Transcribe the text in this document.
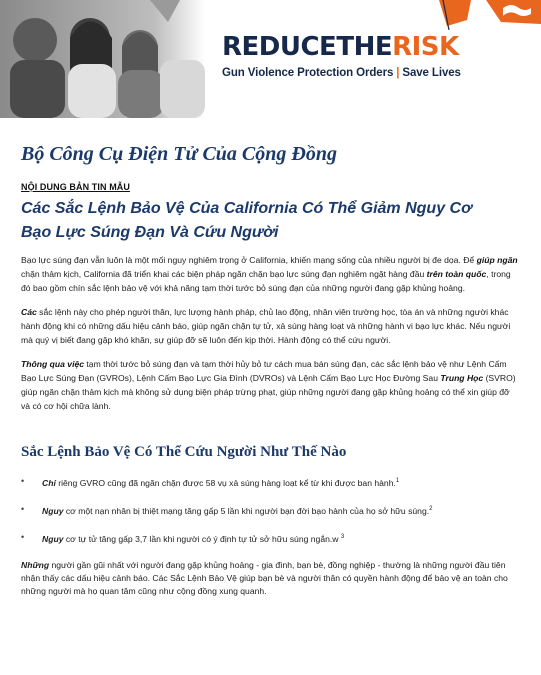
REDUCETHERISK
Gun Violence Protection Orders | Save Lives
Bộ Công Cụ Điện Tử Của Cộng Đồng
NỘI DUNG BẢN TIN MẪU
Các Sắc Lệnh Bảo Vệ Của California Có Thể Giảm Nguy Cơ
Bạo Lực Súng Đạn Và Cứu Người

Bạo lực súng đạn vẫn luôn là một mối nguy nghiêm trọng ở California, khiến mạng sống của nhiều người bị đe dọa. Để giúp ngăn chặn thảm kịch, California đã triển khai các biện pháp ngăn chặn bạo lực súng đạn nghiêm ngặt hàng đầu trên toàn quốc, trong đó bao gồm chín sắc lệnh bảo vệ với khả năng tạm thời tước bỏ súng đạn của những người đang gặp khủng hoảng.

Các sắc lệnh này cho phép người thân, lực lượng hành pháp, chủ lao động, nhân viên trường học, tòa án và những người khác hành động khi có những dấu hiệu cảnh báo, giúp ngăn chặn tự tử, xả súng hàng loạt và những hành vi bạo lực khác. Nếu người mà quý vị biết đang gặp khó khăn, sự giúp đỡ sẽ luôn đến kịp thời. Hành động có thể cứu người.

Thông qua việc tạm thời tước bỏ súng đạn và tạm thời hủy bỏ tư cách mua bán súng đạn, các sắc lệnh bảo vệ như Lệnh Cấm Bạo Lực Súng Đạn (GVROs), Lệnh Cấm Bạo Lực Gia Đình (DVROs) và Lệnh Cấm Bạo Lực Học Đường Sau Trung Học (SVRO) giúp ngăn chặn thảm kịch mà không sử dụng biện pháp trừng phạt, giúp những người đang gặp khủng hoảng có thể xin giúp đỡ và có cơ hội chữa lành.

Sắc Lệnh Bảo Vệ Có Thể Cứu Người Như Thế Nào
• Chỉ riêng GVRO cũng đã ngăn chặn được 58 vụ xả súng hàng loạt kể từ khi được ban hành.$^1$
• Nguy cơ một nạn nhân bị thiệt mạng tăng gấp 5 lần khi người bạn đời bạo hành của họ sở hữu súng.$^2$
• Nguy cơ tự tử tăng gấp 3,7 lần khi người có ý định tự tử sở hữu súng ngắn.w $^3$

Những người gần gũi nhất với người đang gặp khủng hoảng - gia đình, bạn bè, đồng nghiệp - thường là những người đầu tiên nhận thấy các dấu hiệu cảnh báo. Các Sắc Lệnh Bảo Vệ giúp bạn bè và người thân có quyền hành động để bảo vệ an toàn cho những người mà họ quan tâm cũng như cộng đồng xung quanh.
